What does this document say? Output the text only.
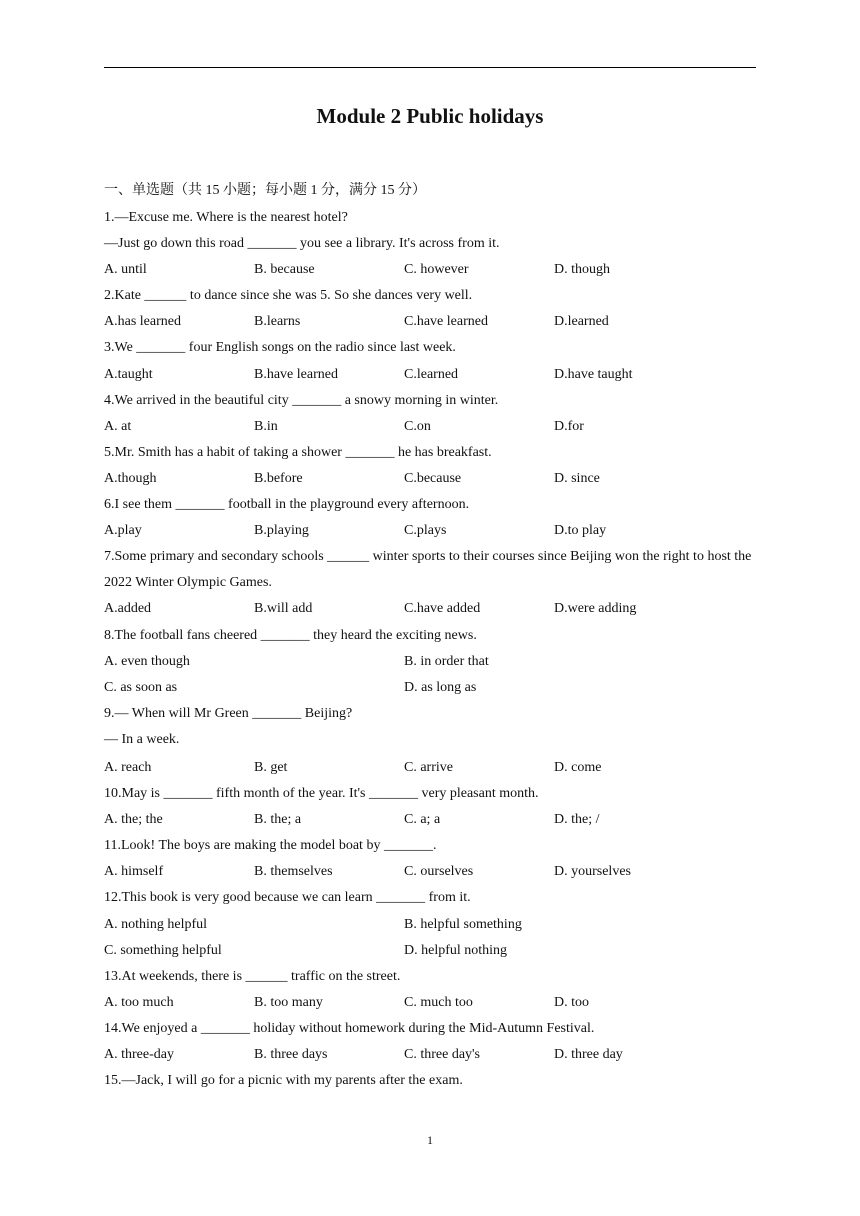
Module 2 Public holidays
一、单选题（共 15 小题；每小题 1 分，满分 15 分）
1.—Excuse me. Where is the nearest hotel?
—Just go down this road _______ you see a library. It's across from it.
A. until	B. because	C. however	D. though
2.Kate ______ to dance since she was 5. So she dances very well.
A.has learned	B.learns	C.have learned	D.learned
3.We _______ four English songs on the radio since last week.
A.taught	B.have learned	C.learned	D.have taught
4.We arrived in the beautiful city _______ a snowy morning in winter.
A. at	B.in	C.on	D.for
5.Mr. Smith has a habit of taking a shower _______ he has breakfast.
A.though	B.before	C.because	D. since
6.I see them _______ football in the playground every afternoon.
A.play	B.playing	C.plays	D.to play
7.Some primary and secondary schools ______ winter sports to their courses since Beijing won the right to host the 2022 Winter Olympic Games.
A.added	B.will add	C.have added	D.were adding
8.The football fans cheered _______ they heard the exciting news.
A. even though	B. in order that
C. as soon as	D. as long as
9.— When will Mr Green _______ Beijing?
— In a week.
A. reach	B. get	C. arrive	D. come
10.May is _______ fifth month of the year. It's _______ very pleasant month.
A. the; the	B. the; a	C. a; a	D. the; /
11.Look! The boys are making the model boat by _______.
A. himself	B. themselves	C. ourselves	D. yourselves
12.This book is very good because we can learn _______ from it.
A. nothing helpful	B. helpful something
C. something helpful	D. helpful nothing
13.At weekends, there is ______ traffic on the street.
A. too much	B. too many	C. much too	D. too
14.We enjoyed a _______ holiday without homework during the Mid-Autumn Festival.
A. three-day	B. three days	C. three day's	D. three day
15.—Jack, I will go for a picnic with my parents after the exam.
1
